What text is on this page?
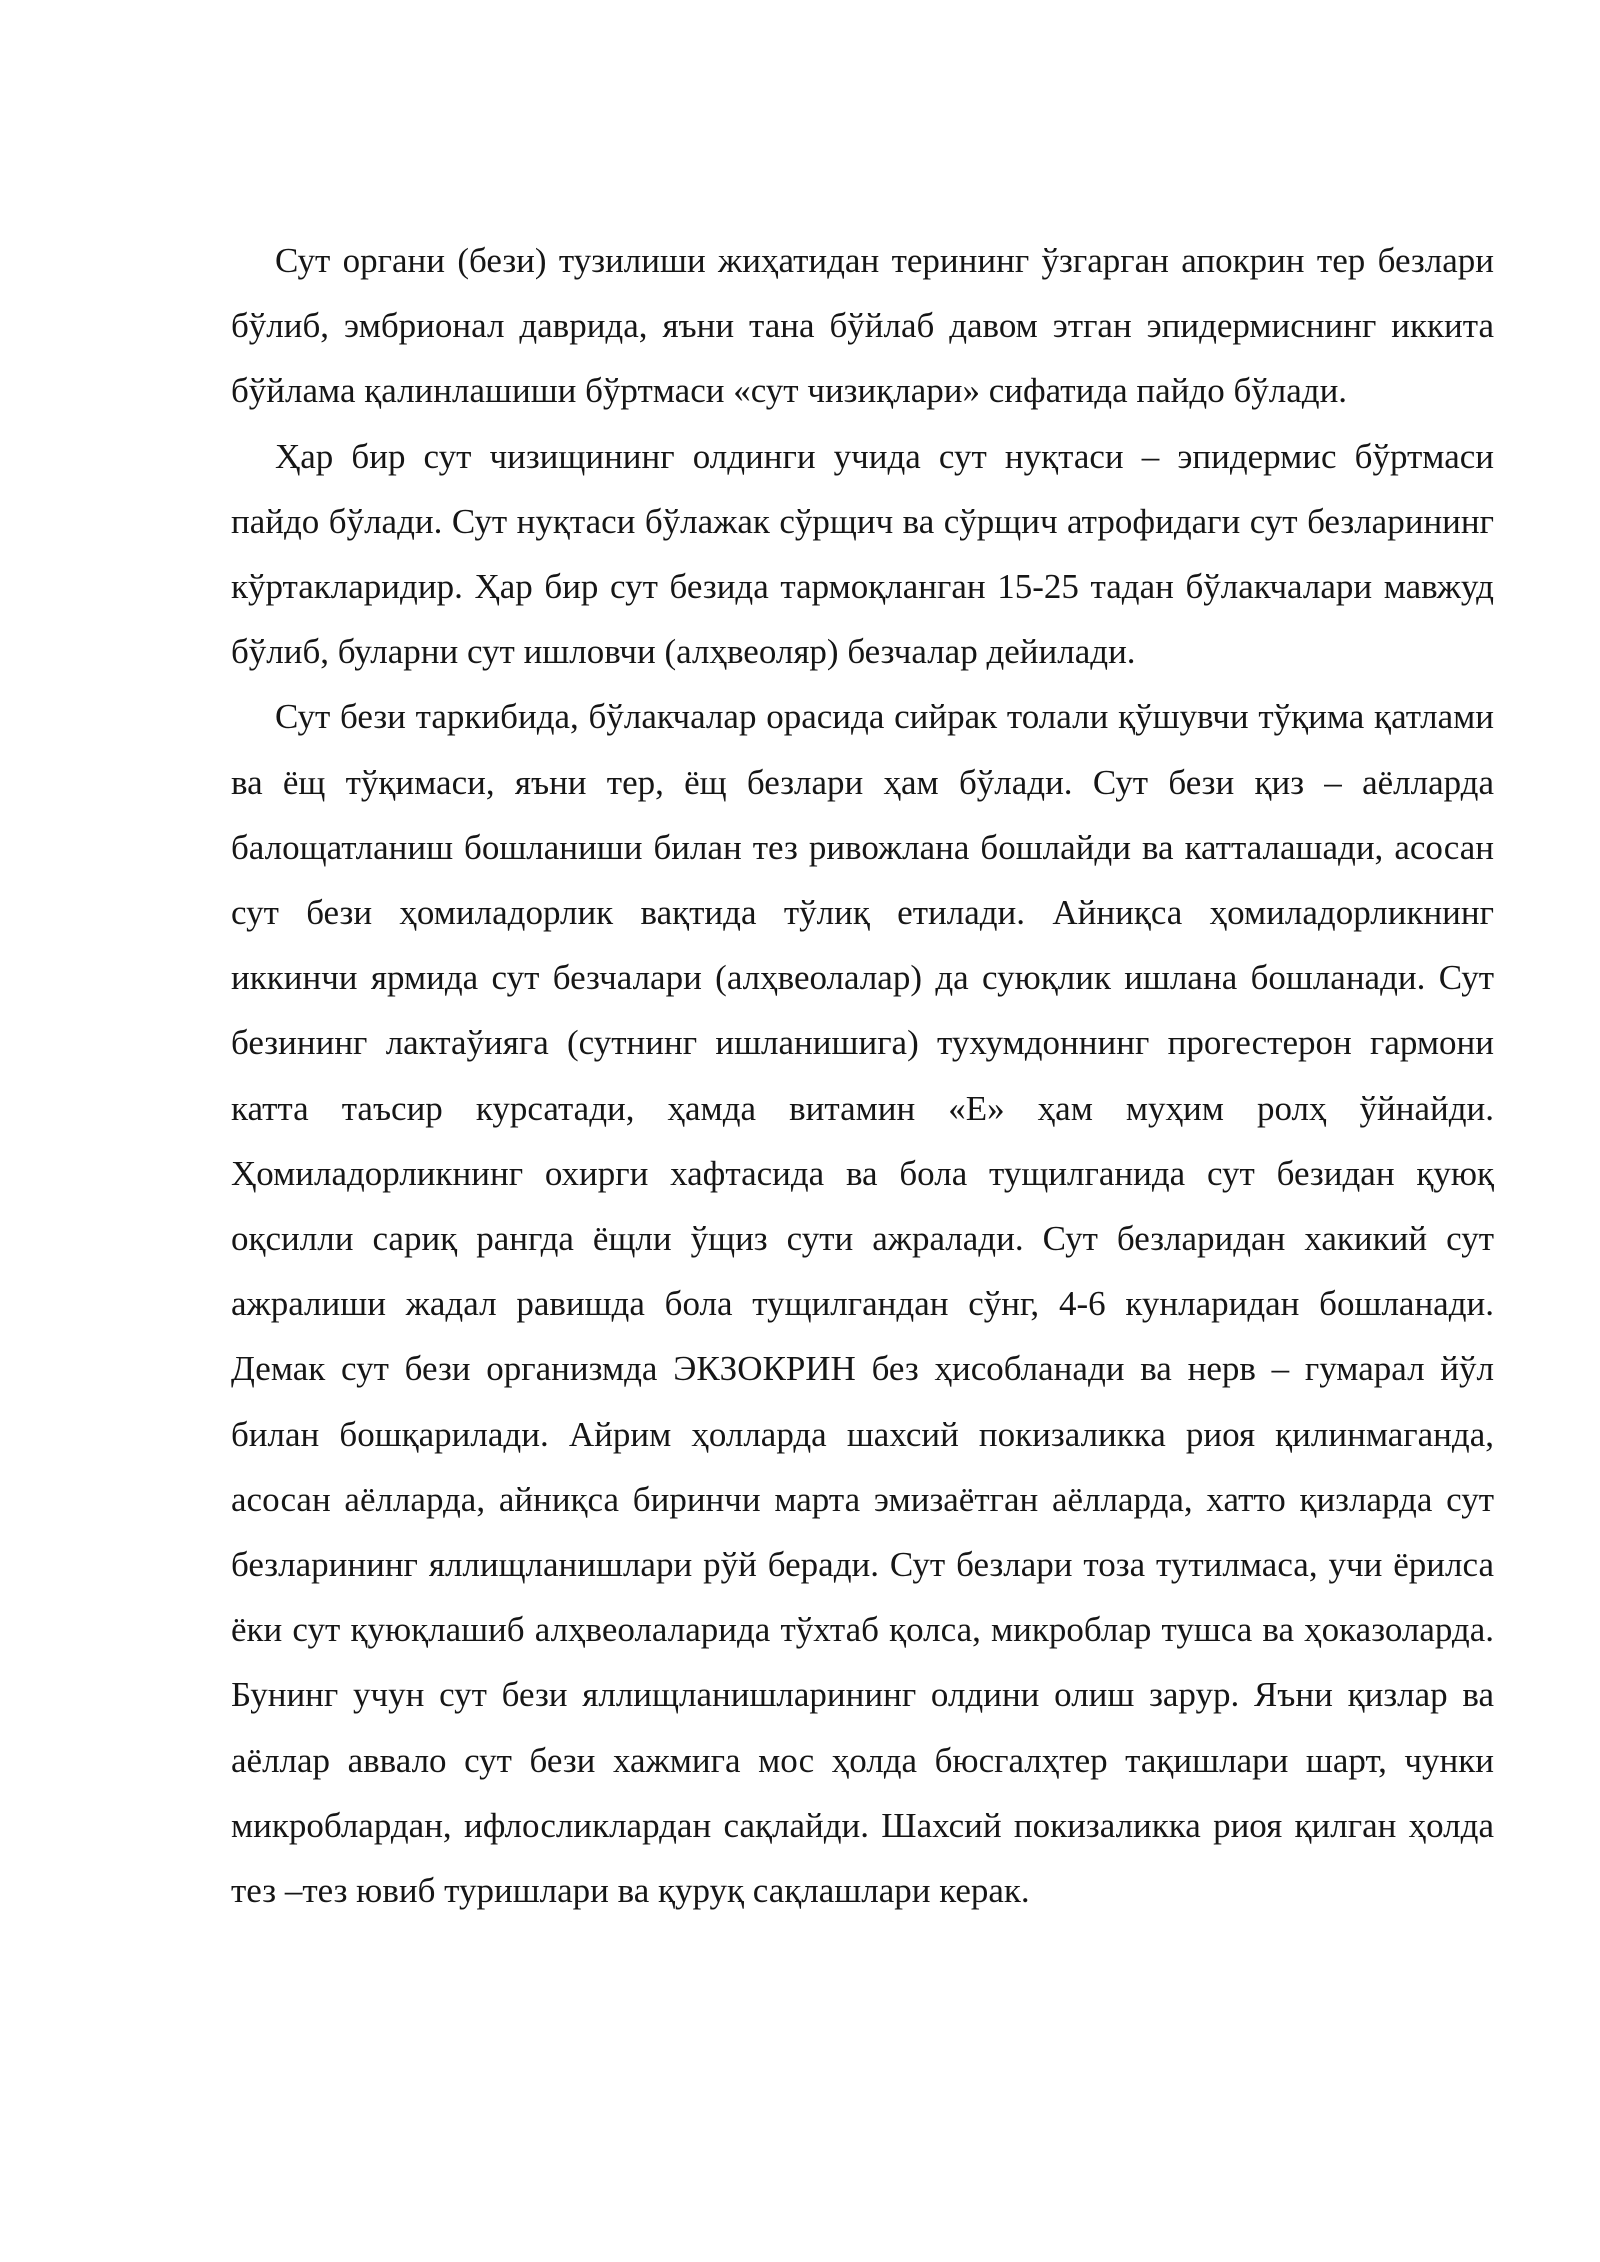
Сут органи (бези) тузилиши жиҳатидан терининг ўзгарган апокрин тер безлари бўлиб, эмбрионал даврида, яъни тана бўйлаб давом этган эпидермиснинг иккита бўйлама қалинлашиши бўртмаси «сут чизиқлари» сифатида пайдо бўлади.

Ҳар бир сут чизищининг олдинги учида сут нуқтаси – эпидермис бўртмаси пайдо бўлади. Сут нуқтаси бўлажак сўрщич ва сўрщич атрофидаги сут безларининг кўртакларидир. Ҳар бир сут безида тармоқланган 15-25 тадан бўлакчалари мавжуд бўлиб, буларни сут ишловчи (алҳвеоляр) безчалар дейилади.

Сут бези таркибида, бўлакчалар орасида сийрак толали қўшувчи тўқима қатлами ва ёщ тўқимаси, яъни тер, ёщ безлари ҳам бўлади. Сут бези қиз – аёлларда балощатланиш бошланиши билан тез ривожлана бошлайди ва катталашади, асосан сут бези ҳомиладорлик вақтида тўлиқ етилади. Айниқса ҳомиладорликнинг иккинчи ярмида сут безчалари (алҳвеолалар) да суюқлик ишлана бошланади. Сут безининг лактаўияга (сутнинг ишланишига) тухумдоннинг прогестерон гармони катта таъсир курсатади, ҳамда витамин «Е» ҳам муҳим ролҳ ўйнайди. Ҳомиладорликнинг охирги хафтасида ва бола тущилганида сут безидан қуюқ оқсилли сариқ рангда ёщли ўщиз сути ажралади. Сут безларидан хакикий сут ажралиши жадал равишда бола тущилгандан сўнг, 4-6 кунларидан бошланади. Демак сут бези организмда ЭКЗОКРИН без ҳисобланади ва нерв – гумарал йўл билан бошқарилади. Айрим ҳолларда шахсий покизаликка риоя қилинмаганда, асосан аёлларда, айниқса биринчи марта эмизаётган аёлларда, хатто қизларда сут безларининг яллищланишлари рўй беради. Сут безлари тоза тутилмаса, учи ёрилса ёки сут қуюқлашиб алҳвеолаларида тўхтаб қолса, микроблар тушса ва ҳоказоларда. Бунинг учун сут бези яллищланишларининг олдини олиш зарур. Яъни қизлар ва аёллар аввало сут бези хажмига мос ҳолда бюсгалҳтер тақишлари шарт, чунки микроблардан, ифлосликлардан сақлайди. Шахсий покизаликка риоя қилган ҳолда тез –тез ювиб туришлари ва қуруқ сақлашлари керак.
